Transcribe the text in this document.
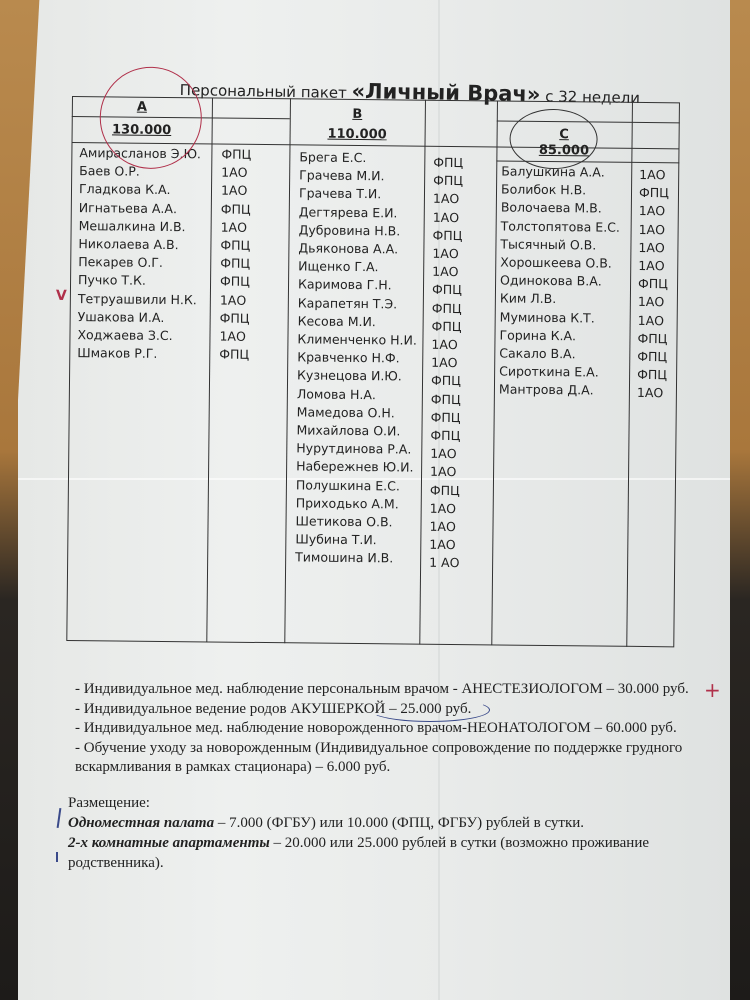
Персональный пакет «Личный Врач» с 32 недели
A
130.000
B
110.000	C
85.000
Амирасланов Э.Ю.
Баев О.Р.
Гладкова К.А.
Игнатьева А.А.
Мешалкина И.В.
Николаева А.В.
Пекарев О.Г.
Пучко Т.К.
Тетруашвили Н.К.
Ушакова И.А.
Ходжаева З.С.
Шмаков Р.Г.
ФПЦ
1АО
1АО
ФПЦ
1АО
ФПЦ
ФПЦ
ФПЦ
1АО
ФПЦ
1АО
ФПЦ
Брега Е.С.
Грачева М.И.
Грачева Т.И.
Дегтярева Е.И.
Дубровина Н.В.
Дьяконова А.А.
Ищенко Г.А.
Каримова Г.Н.
Карапетян Т.Э.
Кесова М.И.
Клименченко Н.И.
Кравченко Н.Ф.
Кузнецова И.Ю.
Ломова Н.А.
Мамедова О.Н.
Михайлова О.И.
Нурутдинова Р.А.
Набережнев Ю.И.
Полушкина Е.С.
Приходько А.М.
Шетикова О.В.
Шубина Т.И.
Тимошина И.В.
ФПЦ
ФПЦ
1АО
1АО
ФПЦ
1АО
1АО
ФПЦ
ФПЦ
ФПЦ
1АО
1АО
ФПЦ
ФПЦ
ФПЦ
ФПЦ
1АО
1АО
ФПЦ
1АО
1АО
1АО
1 АО
Балушкина А.А.
Болибок Н.В.
Волочаева М.В.
Толстопятова Е.С.
Тысячный О.В.
Хорошкеева О.В.
Одинокова В.А.
Ким Л.В.
Муминова К.Т.
Горина К.А.
Сакало В.А.
Сироткина Е.А.
Мантрова Д.А.
1АО
ФПЦ
1АО
1АО
1АО
1АО
ФПЦ
1АО
1АО
ФПЦ
ФПЦ
ФПЦ
1АО
V

- Индивидуальное мед. наблюдение персональным врачом - АНЕСТЕЗИОЛОГОМ – 30.000 руб.

- Индивидуальное ведение родов АКУШЕРКОЙ – 25.000 руб.

- Индивидуальное мед. наблюдение новорожденного врачом-НЕОНАТОЛОГОМ – 60.000 руб.

- Обучение уходу за новорожденным (Индивидуальное сопровождение по поддержке грудного

вскармливания в рамках стационара) – 6.000 руб.

+

Размещение:

Одноместная палата – 7.000 (ФГБУ) или 10.000 (ФПЦ, ФГБУ) рублей в сутки.

2-х комнатные апартаменты – 20.000 или 25.000 рублей в сутки (возможно проживание

родственника).
